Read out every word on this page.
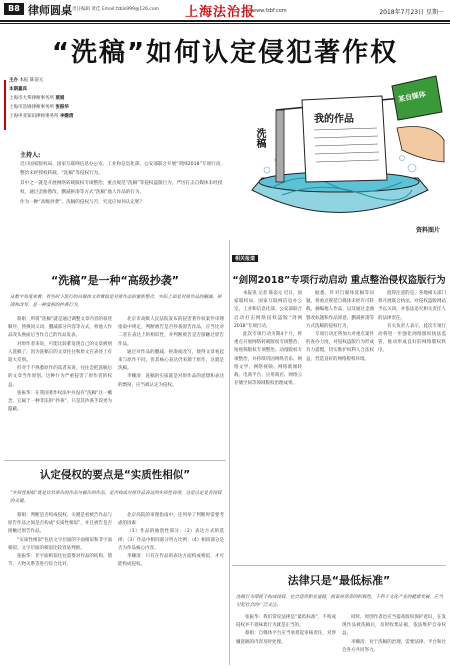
B8 律师圆桌 责任编辑 黄佳 Email:fzbls999@126.com 上海法治报
www.fzbf.com	2018年7月23日 星期一
“洗稿”如何认定侵犯著作权
主办 本报 陈姿元
本期嘉宾
上海市大邦律师事务所 蔡娟
上海市浩锦律师事务所 张振华
上海申亚知识律师事务所 李姗清	我的作品
洗稿
某自媒体
资料图片
主持人:

近日国家版权局、国家互联网信息办公室、工业和信息化部、公安部联合开展“剑网2018”专项行动，整治未经授权转载、“洗稿”等侵权行为。

其中之一就是开展网络转载版权专项整治，重点规范“洗稿”等侵权盗版行为，严厉打击自媒体未经授权，通过歪曲篡改、删减拼凑等方式“洗稿”他人作品的行为。

作为一种“高级抄袭”，洗稿的侵权与否，究竟应如何认定呢？

“洗稿”是一种“高级抄袭”
从数字角度来看，有些时下流行的自媒体文章看似是对原作品的重新整合，实际上却是对原作品的删减、拼凑和改写，是一种变相的抄袭行为。

蔡娟：所谓“洗稿”就是通过调整文章内容的叙述顺序、替换同义词、删减部分内容等方式，将他人作品改头换面后当作自己的作品发表。

对原作者来说，可能比较难发现自己的文章被别人洗稿了，因为洗稿后的文章往往和原文在表述上有较大差别。

但对于不熟悉原作的读者来说，往往会把洗稿后的文章当作原创。这种行为严重侵害了原作者的权益。

张振华：在我国著作权法中并没有“洗稿”这一概念，它属于一种非法的“抄袭”，只是其抄袭手段更为隐蔽。

北京市高级人民法院发布的侵害著作权案件审理指南中规定，判断被告是否抄袭原告作品，应当比对二者在表达上的相似性，并判断被告是否接触过原告作品。

通过对作品的删减、拼凑或改写，使得文章看起来与原作不同，但其核心表达仍来源于原作，这就是洗稿。

李姗清：洗稿的实质就是对原作品的思想和表达的剽窃，应当被认定为侵权。

相关报道
“剑网2018”专项行动启动 重点整治侵权盗版行为

本报讯 记者 陈姿元 近日，国家版权局、国家互联网信息办公室、工业和信息化部、公安部联合启动打击网络侵权盗版“剑网2018”专项行动。

此次专项行动为期4个月，将重点开展网络转载版权专项整治、短视频版权专项整治、动漫版权专项整治，并持续巩固网络音乐、网络文学、网络视频、网络新闻转载、电商平台、应用商店、网络云存储空间等领域版权治理成果。

据悉，针对自媒体洗稿等问题，将重点规范自媒体未经许可转载、摘编他人作品，以及通过歪曲篡改标题和作品原意、删减拼凑等方式洗稿的侵权行为。

专项行动还将加大对重点案件的查办力度，对侵权盗版行为形成有力震慑，切实维护权利人合法权益，营造良好的网络版权环境。

值得注意的是，各地相关部门将开展联合执法，对侵权盗版网站予以关闭，并依法追究相关责任人的法律责任。

有关负责人表示，此次专项行动将进一步强化网络版权执法监管，推动形成良好的网络版权秩序。

认定侵权的要点是“实质性相似”
“实质性相似”就是比对原告的作品与被告的作品，是否构成对原作品表达的实质性再现，这是认定是否侵权的关键。

蔡娟：判断是否构成侵权，关键是看被告作品与原告作品之间是否构成“实质性相似”，并且被告是否接触过原告作品。

“实质性相似”包括文字层面的字面相似和非字面相似。文字层面的相似比较容易判断。

张振华：非字面相似往往需要对作品的结构、情节、人物关系等进行综合比对。

北京高院的审理指南中，还列举了判断时需要考虑的因素：

（1）作品的独创性部分；（2）表达方式的选择；（3）作品中相同部分所占比例；（4）相同部分是否为作品核心内容。

李姗清：只有在作品的表达方面构成相似，才可能构成侵权。

法律只是“最低标准”
洗稿行为即使不构成侵权，也会违背职业道德，损害原创者的积极性，不利于文化产业的健康发展，应当引起社会的广泛关注。

张振华：我们常说法律是“最低标准”，不构成侵权并不意味着行为就是正当的。

蔡娟：自媒体平台应当承担起审核责任，对涉嫌洗稿的内容及时处理。

同时，原创作者也应当提高版权保护意识，在发现作品被洗稿后，及时收集证据，依法维护自身权益。

李姗清：对于洗稿的治理，需要法律、平台和社会各方共同努力。
